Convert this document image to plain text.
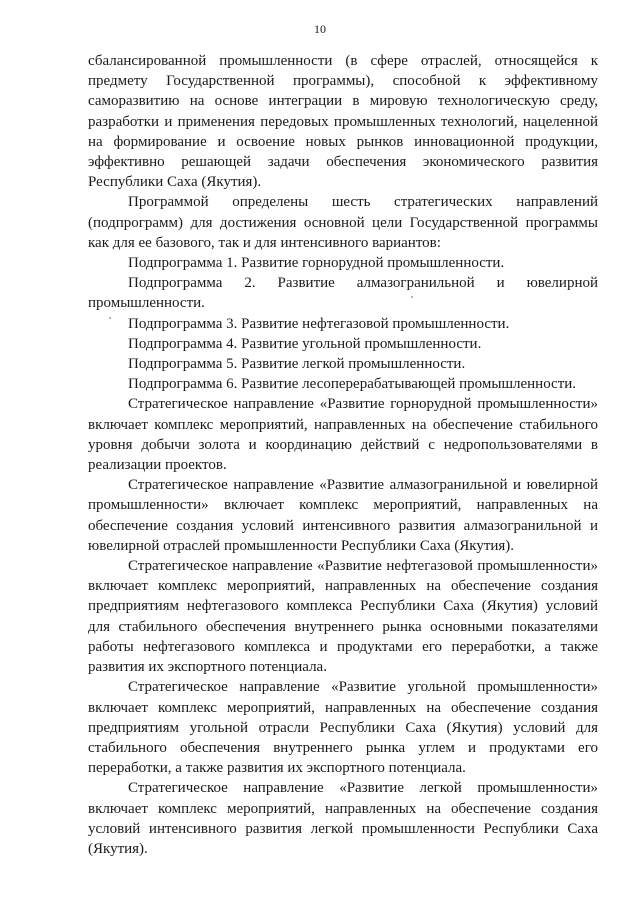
10

сбалансированной промышленности (в сфере отраслей, относящейся к предмету Государственной программы), способной к эффективному саморазвитию на основе интеграции в мировую технологическую среду, разработки и применения передовых промышленных технологий, нацеленной на формирование и освоение новых рынков инновационной продукции, эффективно решающей задачи обеспечения экономического развития Республики Саха (Якутия).

Программой определены шесть стратегических направлений (подпрограмм) для достижения основной цели Государственной программы как для ее базового, так и для интенсивного вариантов:

Подпрограмма 1. Развитие горнорудной промышленности.

Подпрограмма 2. Развитие алмазогранильной и ювелирной промышленности.

Подпрограмма 3. Развитие нефтегазовой промышленности.

Подпрограмма 4. Развитие угольной промышленности.

Подпрограмма 5. Развитие легкой промышленности.

Подпрограмма 6. Развитие лесоперерабатывающей промышленности.

Стратегическое направление «Развитие горнорудной промышленности» включает комплекс мероприятий, направленных на обеспечение стабильного уровня добычи золота и координацию действий с недропользователями в реализации проектов.

Стратегическое направление «Развитие алмазогранильной и ювелирной промышленности» включает комплекс мероприятий, направленных на обеспечение создания условий интенсивного развития алмазогранильной и ювелирной отраслей промышленности Республики Саха (Якутия).

Стратегическое направление «Развитие нефтегазовой промышленности» включает комплекс мероприятий, направленных на обеспечение создания предприятиям нефтегазового комплекса Республики Саха (Якутия) условий для стабильного обеспечения внутреннего рынка основными показателями работы нефтегазового комплекса и продуктами его переработки, а также развития их экспортного потенциала.

Стратегическое направление «Развитие угольной промышленности» включает комплекс мероприятий, направленных на обеспечение создания предприятиям угольной отрасли Республики Саха (Якутия) условий для стабильного обеспечения внутреннего рынка углем и продуктами его переработки, а также развития их экспортного потенциала.

Стратегическое направление «Развитие легкой промышленности» включает комплекс мероприятий, направленных на обеспечение создания условий интенсивного развития легкой промышленности Республики Саха (Якутия).
